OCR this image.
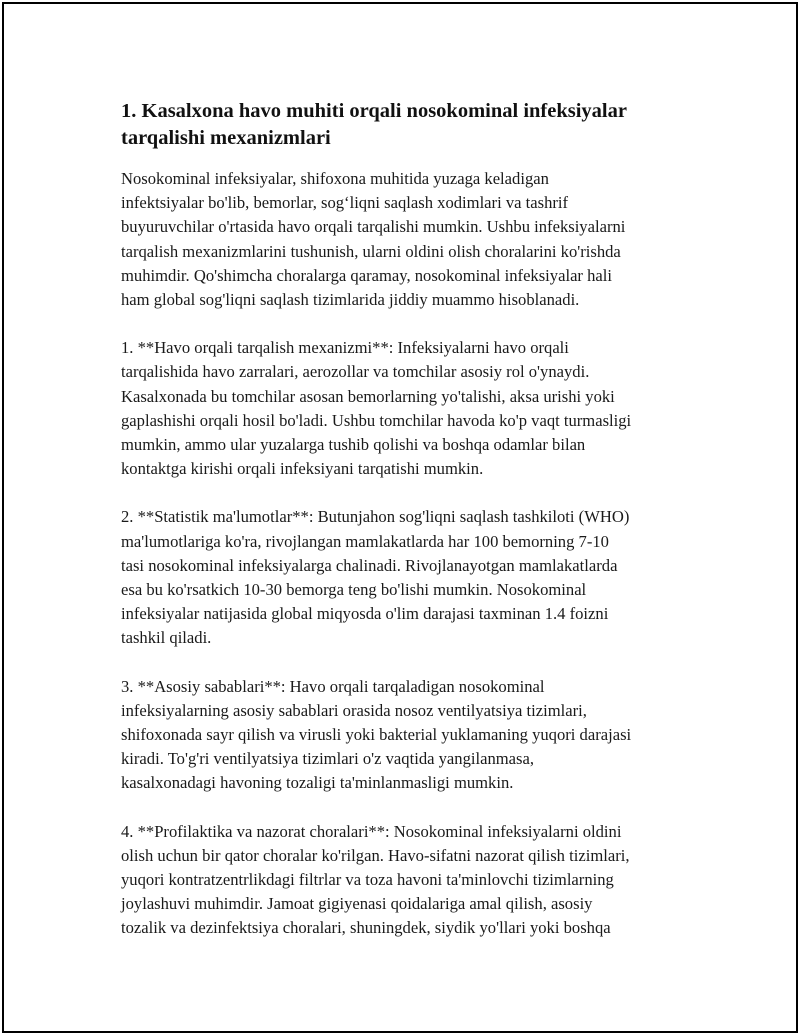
1. Kasalxona havo muhiti orqali nosokominal infeksiyalar
tarqalishi mexanizmlari

Nosokominal infeksiyalar, shifoxona muhitida yuzaga keladigan
infektsiyalar bo'lib, bemorlar, sog‘liqni saqlash xodimlari va tashrif
buyuruvchilar o'rtasida havo orqali tarqalishi mumkin. Ushbu infeksiyalarni
tarqalish mexanizmlarini tushunish, ularni oldini olish choralarini ko'rishda
muhimdir. Qo'shimcha choralarga qaramay, nosokominal infeksiyalar hali
ham global sog'liqni saqlash tizimlarida jiddiy muammo hisoblanadi.

1. **Havo orqali tarqalish mexanizmi**: Infeksiyalarni havo orqali
tarqalishida havo zarralari, aerozollar va tomchilar asosiy rol o'ynaydi.
Kasalxonada bu tomchilar asosan bemorlarning yo'talishi, aksa urishi yoki
gaplashishi orqali hosil bo'ladi. Ushbu tomchilar havoda ko'p vaqt turmasligi
mumkin, ammo ular yuzalarga tushib qolishi va boshqa odamlar bilan
kontaktga kirishi orqali infeksiyani tarqatishi mumkin.

2. **Statistik ma'lumotlar**: Butunjahon sog'liqni saqlash tashkiloti (WHO)
ma'lumotlariga ko'ra, rivojlangan mamlakatlarda har 100 bemorning 7-10
tasi nosokominal infeksiyalarga chalinadi. Rivojlanayotgan mamlakatlarda
esa bu ko'rsatkich 10-30 bemorga teng bo'lishi mumkin. Nosokominal
infeksiyalar natijasida global miqyosda o'lim darajasi taxminan 1.4 foizni
tashkil qiladi.

3. **Asosiy sabablari**: Havo orqali tarqaladigan nosokominal
infeksiyalarning asosiy sabablari orasida nosoz ventilyatsiya tizimlari,
shifoxonada sayr qilish va virusli yoki bakterial yuklamaning yuqori darajasi
kiradi. To'g'ri ventilyatsiya tizimlari o'z vaqtida yangilanmasa,
kasalxonadagi havoning tozaligi ta'minlanmasligi mumkin.

4. **Profilaktika va nazorat choralari**: Nosokominal infeksiyalarni oldini
olish uchun bir qator choralar ko'rilgan. Havo-sifatni nazorat qilish tizimlari,
yuqori kontratzentrlikdagi filtrlar va toza havoni ta'minlovchi tizimlarning
joylashuvi muhimdir. Jamoat gigiyenasi qoidalariga amal qilish, asosiy
tozalik va dezinfektsiya choralari, shuningdek, siydik yo'llari yoki boshqa
